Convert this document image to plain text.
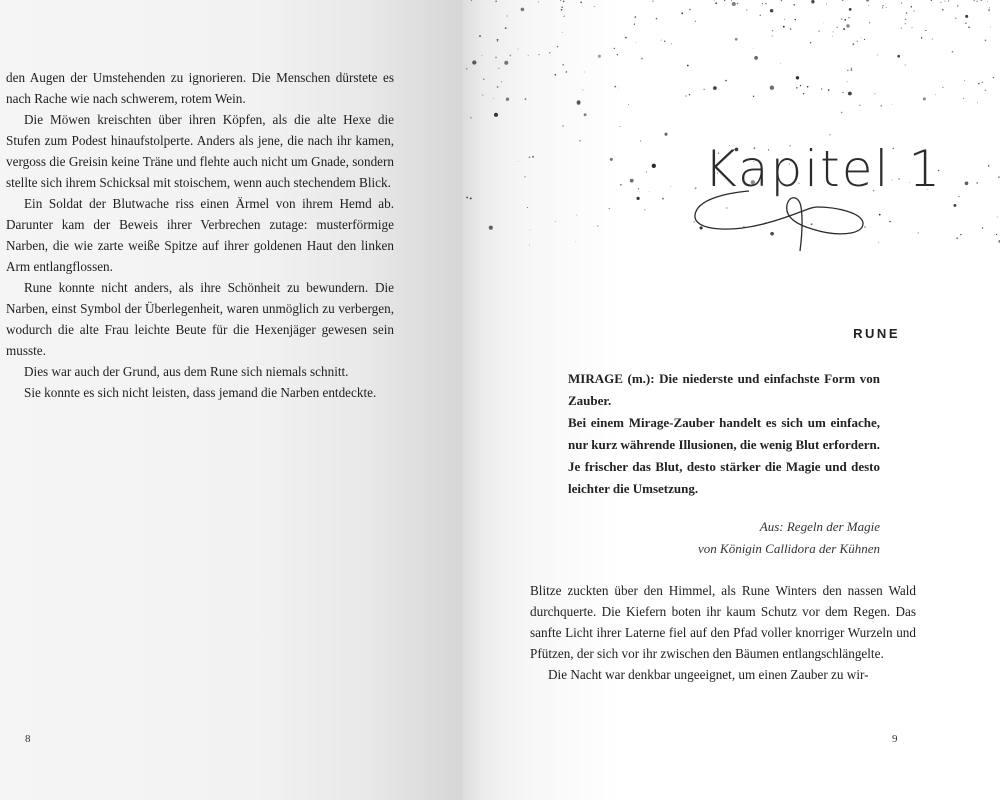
den Augen der Umstehenden zu ignorieren. Die Menschen dürstete es nach Rache wie nach schwerem, rotem Wein.

Die Möwen kreischten über ihren Köpfen, als die alte Hexe die Stufen zum Podest hinaufstolperte. Anders als jene, die nach ihr kamen, vergoss die Greisin keine Träne und flehte auch nicht um Gnade, sondern stellte sich ihrem Schicksal mit stoischem, wenn auch stechendem Blick.

Ein Soldat der Blutwache riss einen Ärmel von ihrem Hemd ab. Darunter kam der Beweis ihrer Verbrechen zutage: musterförmige Narben, die wie zarte weiße Spitze auf ihrer goldenen Haut den linken Arm entlangflossen.

Rune konnte nicht anders, als ihre Schönheit zu bewundern. Die Narben, einst Symbol der Überlegenheit, waren unmöglich zu verbergen, wodurch die alte Frau leichte Beute für die Hexenjäger gewesen sein musste.

Dies war auch der Grund, aus dem Rune sich niemals schnitt.

Sie konnte es sich nicht leisten, dass jemand die Narben entdeckte.

8
Kapitel 1
RUNE

MIRAGE (m.): Die niederste und einfachste Form von Zauber.

Bei einem Mirage-Zauber handelt es sich um einfache, nur kurz währende Illusionen, die wenig Blut erfordern. Je frischer das Blut, desto stärker die Magie und desto leichter die Umsetzung.

Aus: Regeln der Magie
von Königin Callidora der Kühnen

Blitze zuckten über den Himmel, als Rune Winters den nassen Wald durchquerte. Die Kiefern boten ihr kaum Schutz vor dem Regen. Das sanfte Licht ihrer Laterne fiel auf den Pfad voller knorriger Wurzeln und Pfützen, der sich vor ihr zwischen den Bäumen entlangschlängelte.

Die Nacht war denkbar ungeeignet, um einen Zauber zu wir-

9
